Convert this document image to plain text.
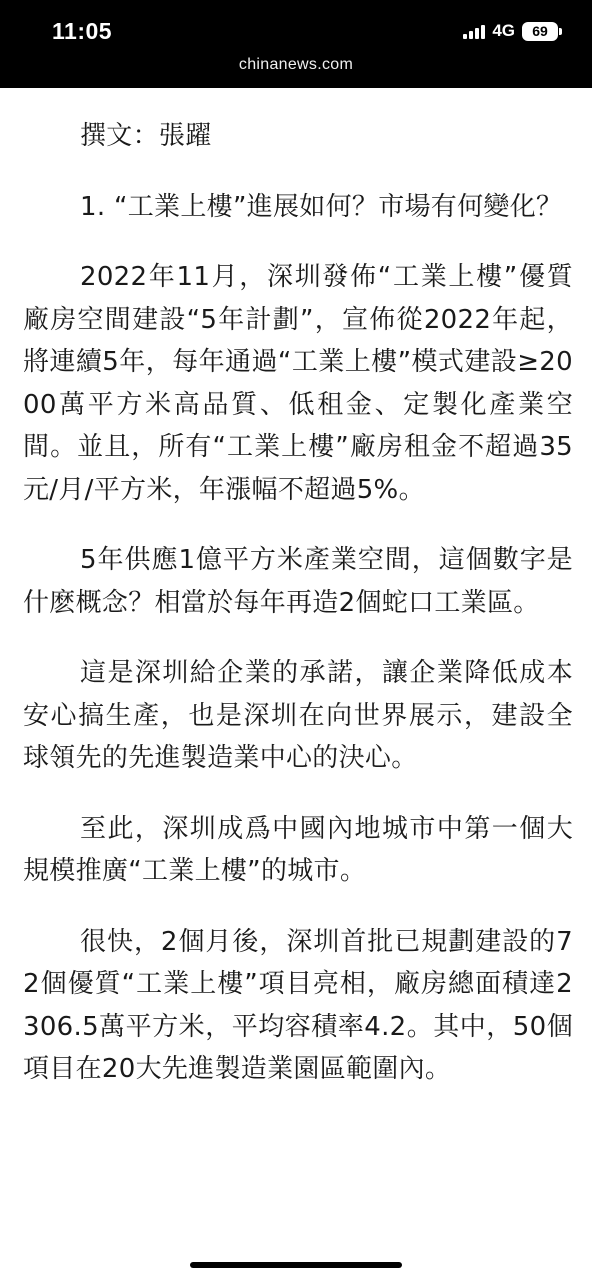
11:05	4G	69
chinanews.com

撰文：張躍

1. “工業上樓”進展如何？市場有何變化？

2022年11月，深圳發佈“工業上樓”優質廠房空間建設“5年計劃”，宣佈從2022年起，將連續5年，每年通過“工業上樓”模式建設≥2000萬平方米高品質、低租金、定製化產業空間。並且，所有“工業上樓”廠房租金不超過35元/月/平方米，年漲幅不超過5%。

5年供應1億平方米產業空間，這個數字是什麽概念？相當於每年再造2個蛇口工業區。

這是深圳給企業的承諾，讓企業降低成本安心搞生產，也是深圳在向世界展示，建設全球領先的先進製造業中心的決心。

至此，深圳成爲中國內地城市中第一個大規模推廣“工業上樓”的城市。

很快，2個月後，深圳首批已規劃建設的72個優質“工業上樓”項目亮相，廠房總面積達2306.5萬平方米，平均容積率4.2。其中，50個項目在20大先進製造業園區範圍內。
